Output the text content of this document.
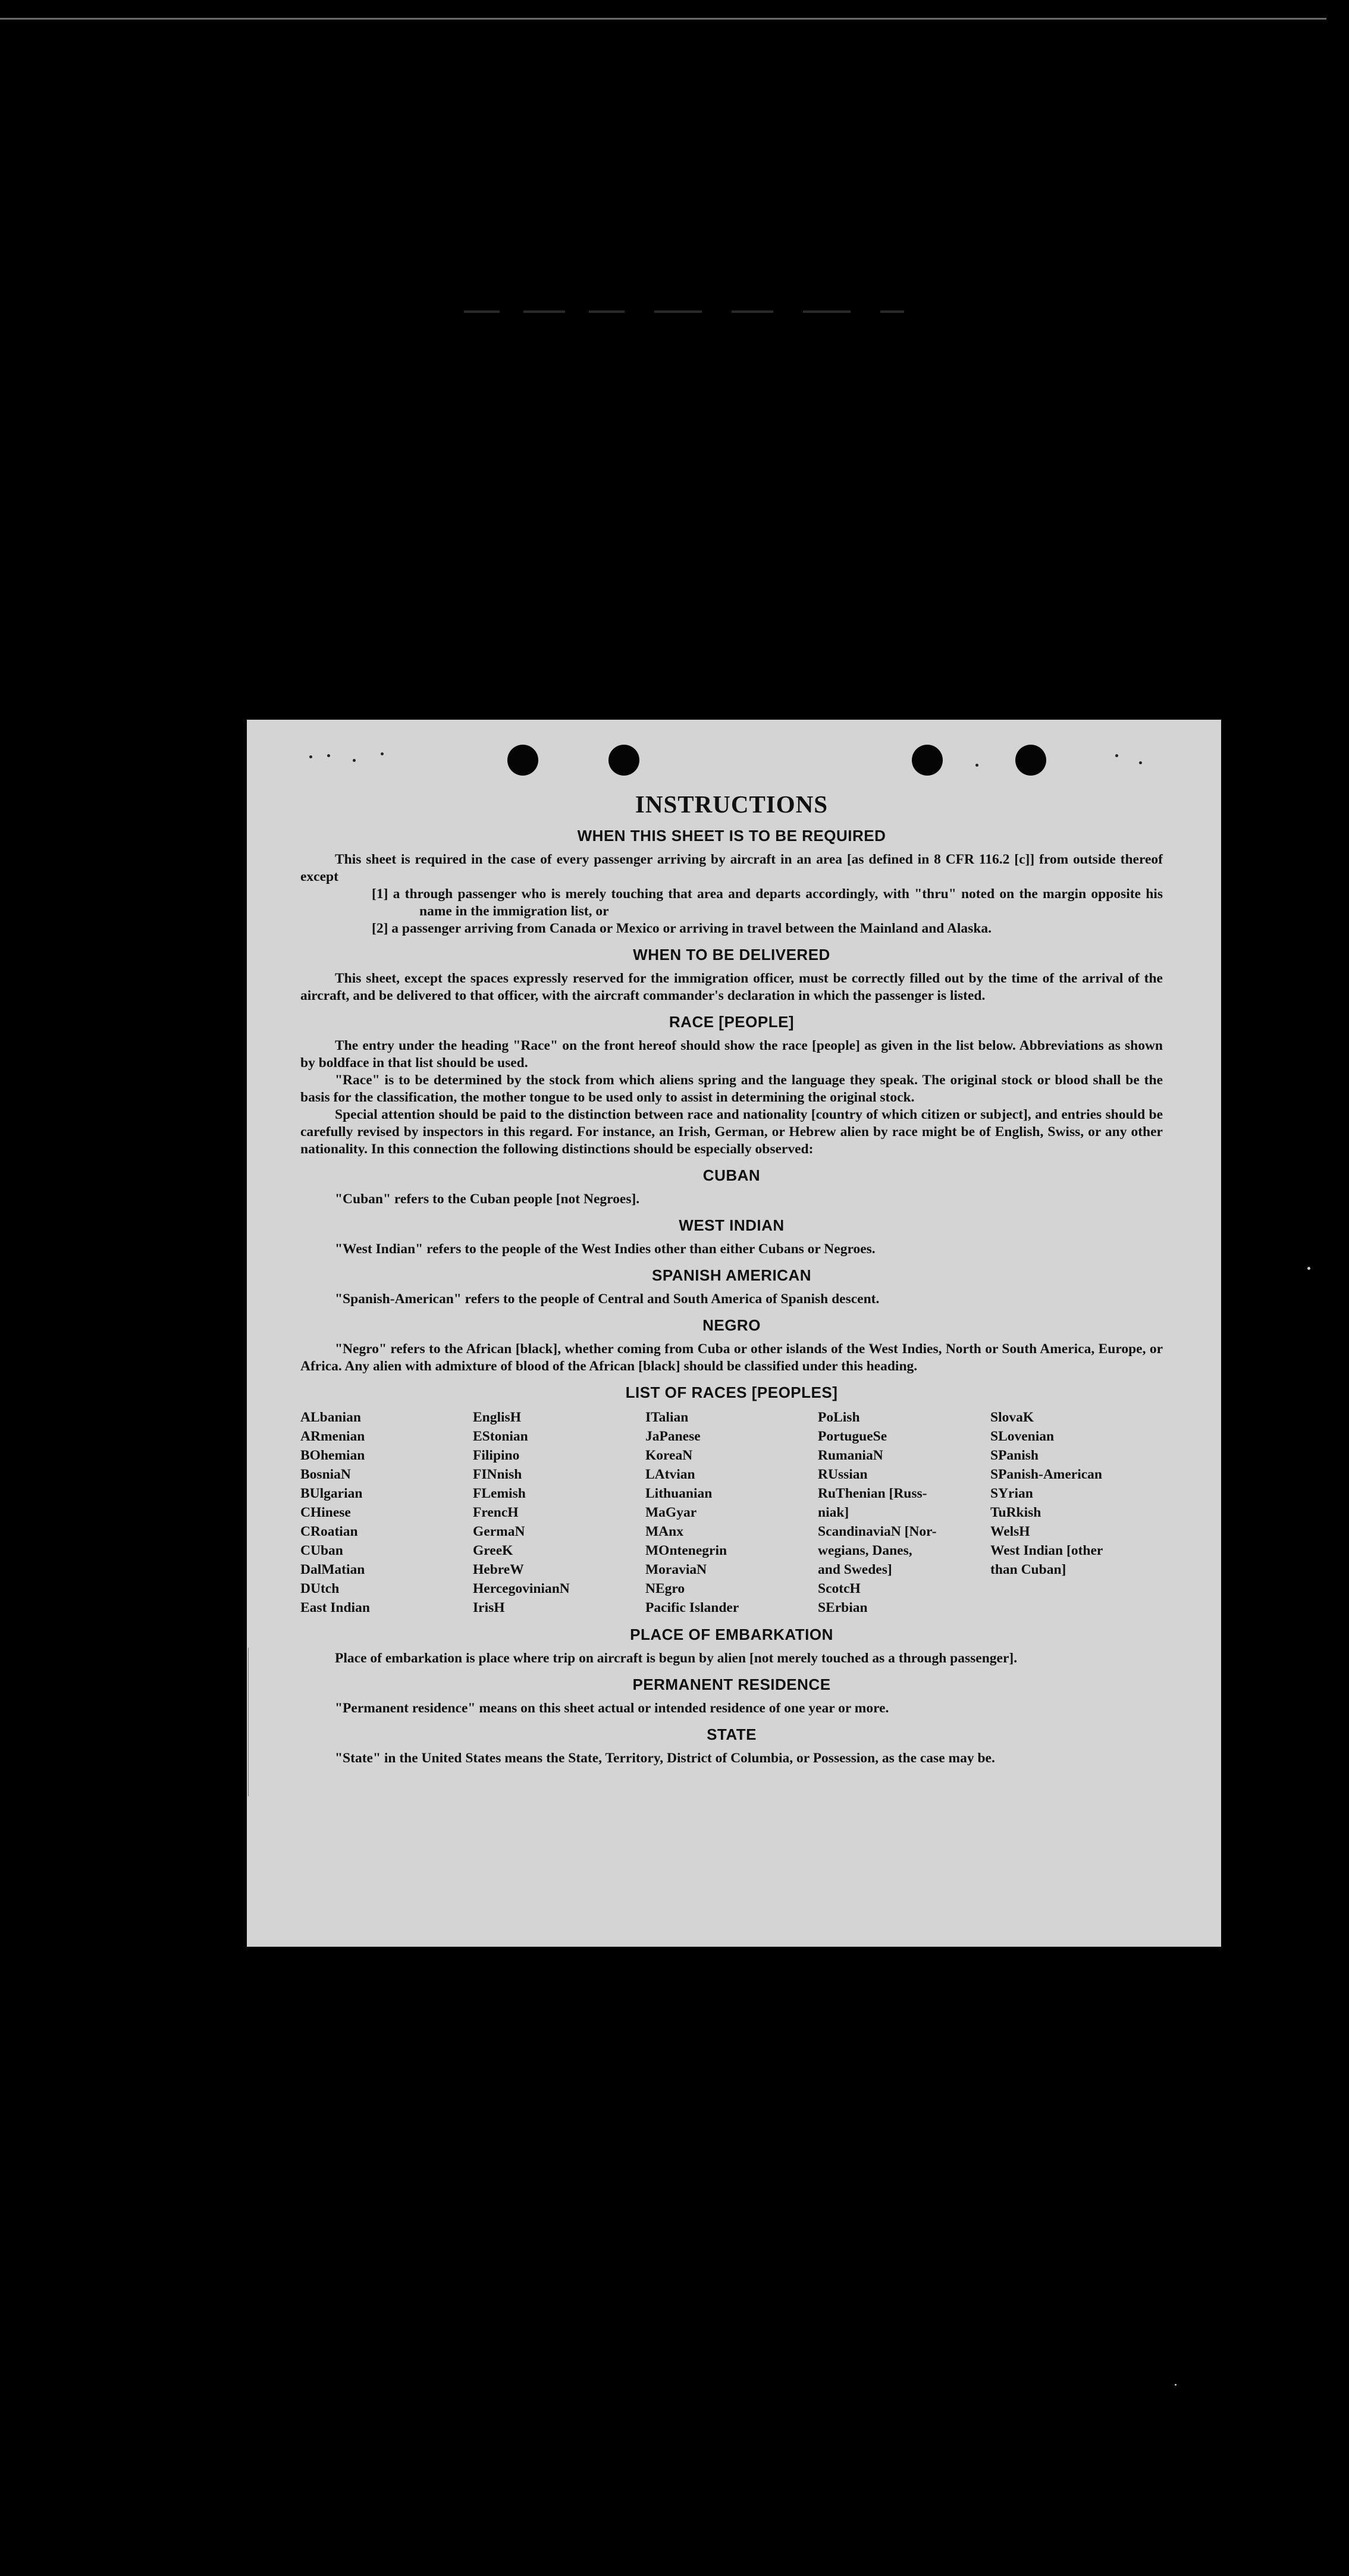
INSTRUCTIONS
WHEN THIS SHEET IS TO BE REQUIRED

This sheet is required in the case of every passenger arriving by aircraft in an area [as defined in 8 CFR 116.2 [c]] from outside thereof except

[1] a through passenger who is merely touching that area and departs accordingly, with "thru" noted on the margin opposite his name in the immigration list, or

[2] a passenger arriving from Canada or Mexico or arriving in travel between the Mainland and Alaska.

WHEN TO BE DELIVERED

This sheet, except the spaces expressly reserved for the immigration officer, must be correctly filled out by the time of the arrival of the aircraft, and be delivered to that officer, with the aircraft commander's declaration in which the passenger is listed.

RACE [PEOPLE]

The entry under the heading "Race" on the front hereof should show the race [people] as given in the list below. Abbreviations as shown by boldface in that list should be used.

"Race" is to be determined by the stock from which aliens spring and the language they speak. The original stock or blood shall be the basis for the classification, the mother tongue to be used only to assist in determining the original stock.

Special attention should be paid to the distinction between race and nationality [country of which citizen or subject], and entries should be carefully revised by inspectors in this regard. For instance, an Irish, German, or Hebrew alien by race might be of English, Swiss, or any other nationality. In this connection the following distinctions should be especially observed:

CUBAN

"Cuban" refers to the Cuban people [not Negroes].

WEST INDIAN

"West Indian" refers to the people of the West Indies other than either Cubans or Negroes.

SPANISH AMERICAN

"Spanish-American" refers to the people of Central and South America of Spanish descent.

NEGRO

"Negro" refers to the African [black], whether coming from Cuba or other islands of the West Indies, North or South America, Europe, or Africa. Any alien with admixture of blood of the African [black] should be classified under this heading.

LIST OF RACES [PEOPLES]
ALbanian
ARmenian
BOhemian
BosniaN
BUlgarian
CHinese
CRoatian
CUban
DalMatian
DUtch
East Indian
EnglisH
EStonian
Filipino
FINnish
FLemish
FrencH
GermaN
GreeK
HebreW
HercegovinianN
IrisH
ITalian
JaPanese
KoreaN
LAtvian
Lithuanian
MaGyar
MAnx
MOntenegrin
MoraviaN
NEgro
Pacific Islander
PoLish
PortugueSe
RumaniaN
RUssian
RuThenian [Russ-
niak]
ScandinaviaN [Nor-
wegians, Danes,
and Swedes]
ScotcH
SErbian
SlovaK
SLovenian
SPanish
SPanish-American
SYrian
TuRkish
WelsH
West Indian [other
than Cuban]
PLACE OF EMBARKATION

Place of embarkation is place where trip on aircraft is begun by alien [not merely touched as a through passenger].

PERMANENT RESIDENCE

"Permanent residence" means on this sheet actual or intended residence of one year or more.

STATE

"State" in the United States means the State, Territory, District of Columbia, or Possession, as the case may be.
